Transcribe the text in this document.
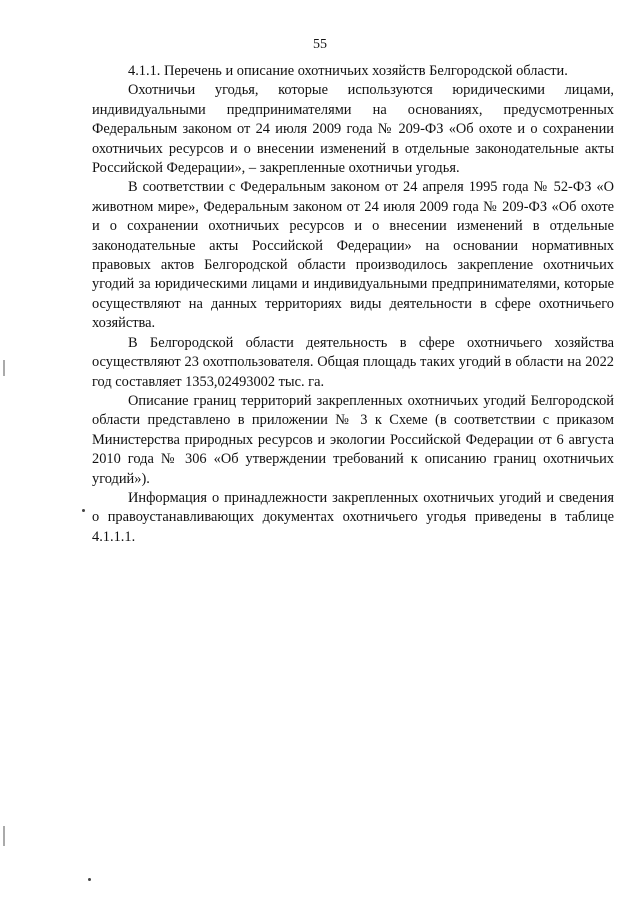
55

4.1.1. Перечень и описание охотничьих хозяйств Белгородской области.

Охотничьи угодья, которые используются юридическими лицами, индивидуальными предпринимателями на основаниях, предусмотренных Федеральным законом от 24 июля 2009 года № 209-ФЗ «Об охоте и о сохранении охотничьих ресурсов и о внесении изменений в отдельные законодательные акты Российской Федерации», – закрепленные охотничьи угодья.

В соответствии с Федеральным законом от 24 апреля 1995 года № 52-ФЗ «О животном мире», Федеральным законом от 24 июля 2009 года № 209-ФЗ «Об охоте и о сохранении охотничьих ресурсов и о внесении изменений в отдельные законодательные акты Российской Федерации» на основании нормативных правовых актов Белгородской области производилось закрепление охотничьих угодий за юридическими лицами и индивидуальными предпринимателями, которые осуществляют на данных территориях виды деятельности в сфере охотничьего хозяйства.

В Белгородской области деятельность в сфере охотничьего хозяйства осуществляют 23 охотпользователя. Общая площадь таких угодий в области на 2022 год составляет 1353,02493002 тыс. га.

Описание границ территорий закрепленных охотничьих угодий Белгородской области представлено в приложении № 3 к Схеме (в соответствии с приказом Министерства природных ресурсов и экологии Российской Федерации от 6 августа 2010 года № 306 «Об утверждении требований к описанию границ охотничьих угодий»).

Информация о принадлежности закрепленных охотничьих угодий и сведения о правоустанавливающих документах охотничьего угодья приведены в таблице 4.1.1.1.
